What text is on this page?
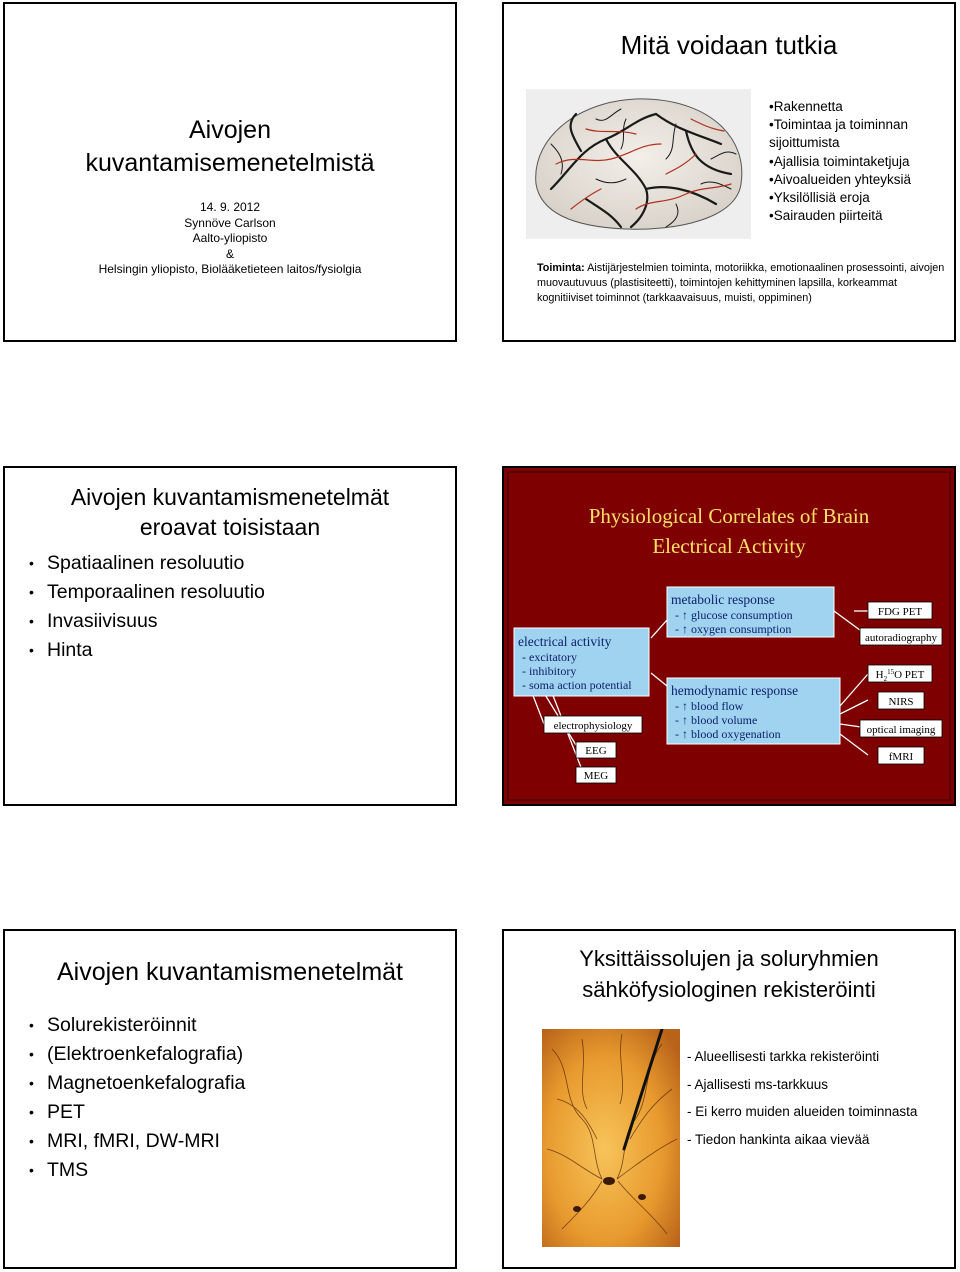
Aivojen
kuvantamisemenetelmistä
14. 9. 2012
Synnöve Carlson
Aalto-yliopisto
&
Helsingin yliopisto, Biolääketieteen laitos/fysiolgia
Mitä voidaan tutkia
•Rakennetta
•Toimintaa ja toiminnan
sijoittumista
•Ajallisia toimintaketjuja
•Aivoalueiden yhteyksiä
•Yksilöllisiä eroja
•Sairauden piirteitä
Toiminta: Aistijärjestelmien toiminta, motoriikka, emotionaalinen prosessointi, aivojen muovautuvuus (plastisiteetti), toimintojen kehittyminen lapsilla, korkeammat kognitiiviset toiminnot (tarkkaavaisuus, muisti, oppiminen)
Aivojen kuvantamismenetelmät
eroavat toisistaan
• Spatiaalinen resoluutio
• Temporaalinen resoluutio
• Invasiivisuus
• Hinta
Physiological Correlates of Brain
Electrical Activity
electrical activity
- excitatory
- inhibitory
- soma action potential
metabolic response
- ↑ glucose consumption
- ↑ oxygen consumption
hemodynamic response
- ↑ blood flow
- ↑ blood volume
- ↑ blood oxygenation
electrophysiology
EEG
MEG
FDG PET
autoradiography
$H_2^{15}O$ PET
NIRS
optical imaging
fMRI
Aivojen kuvantamismenetelmät
• Solurekisteröinnit
• (Elektroenkefalografia)
• Magnetoenkefalografia
• PET
• MRI, fMRI, DW-MRI
• TMS
Yksittäissolujen ja soluryhmien
sähköfysiologinen rekisteröinti
- Alueellisesti tarkka rekisteröinti
- Ajallisesti ms-tarkkuus
- Ei kerro muiden alueiden toiminnasta
- Tiedon hankinta aikaa vievää
